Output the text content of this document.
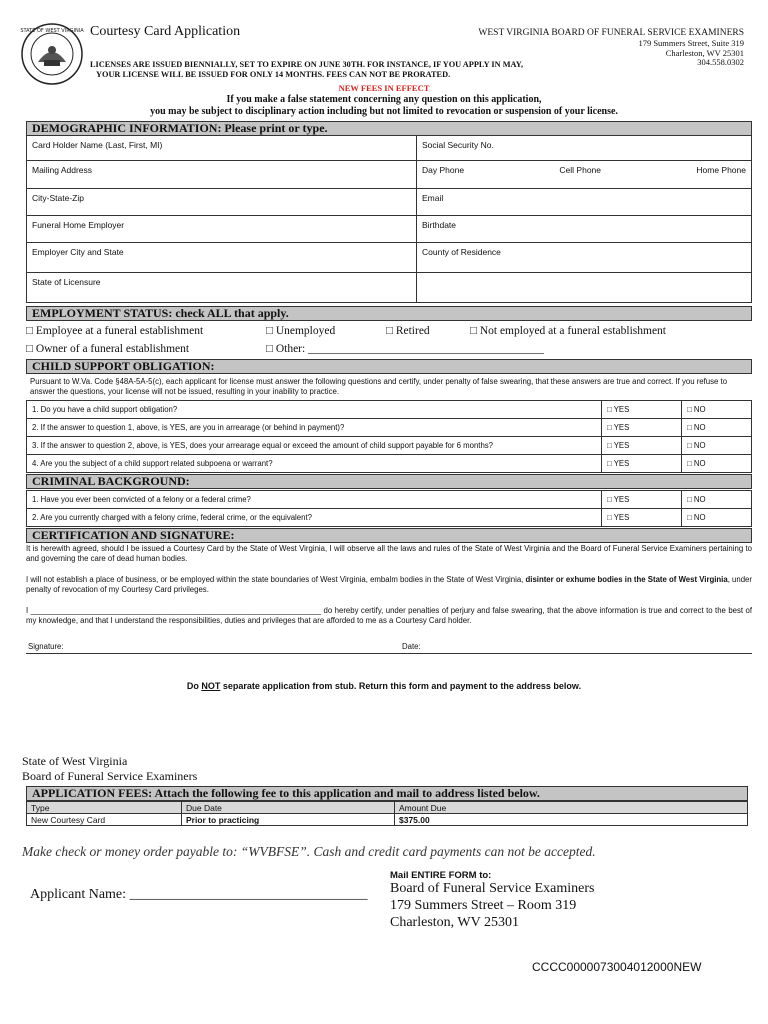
STATE OF WEST VIRGINIA Courtesy Card Application	WEST VIRGINIA BOARD OF FUNERAL SERVICE EXAMINERS
179 Summers Street, Suite 319
Charleston, WV 25301
304.558.0302
LICENSES ARE ISSUED BIENNIALLY, SET TO EXPIRE ON JUNE 30TH. FOR INSTANCE, IF YOU APPLY IN MAY,
YOUR LICENSE WILL BE ISSUED FOR ONLY 14 MONTHS. FEES CAN NOT BE PRORATED.
NEW FEES IN EFFECT
If you make a false statement concerning any question on this application,
you may be subject to disciplinary action including but not limited to revocation or suspension of your license.
DEMOGRAPHIC INFORMATION: Please print or type.
Card Holder Name (Last, First, MI)	Social Security No.
Mailing Address	Day Phone	Cell Phone	Home Phone
City-State-Zip	Email
Funeral Home Employer	Birthdate
Employer City and State	County of Residence
State of Licensure
EMPLOYMENT STATUS: check ALL that apply.
□ Employee at a funeral establishment	□ Unemployed	□ Retired	□ Not employed at a funeral establishment
□ Owner of a funeral establishment	□ Other: _________________________________________
CHILD SUPPORT OBLIGATION:
Pursuant to W.Va. Code §48A-5A-5(c), each applicant for license must answer the following questions and certify, under penalty of false swearing, that these answers are true and correct. If you refuse to answer the questions, your license will not be issued, resulting in your inability to practice.
1. Do you have a child support obligation?	□ YES	□ NO
2. If the answer to question 1, above, is YES, are you in arrearage (or behind in payment)?	□ YES	□ NO
3. If the answer to question 2, above, is YES, does your arrearage equal or exceed the amount of child support payable for 6 months?	□ YES	□ NO
4. Are you the subject of a child support related subpoena or warrant?	□ YES	□ NO
CRIMINAL BACKGROUND:
1. Have you ever been convicted of a felony or a federal crime?	□ YES	□ NO
2. Are you currently charged with a felony crime, federal crime, or the equivalent?	□ YES	□ NO
CERTIFICATION AND SIGNATURE:
It is herewith agreed, should I be issued a Courtesy Card by the State of West Virginia, I will observe all the laws and rules of the State of West Virginia and the Board of Funeral Service Examiners pertaining to and governing the care of dead human bodies.
I will not establish a place of business, or be employed within the state boundaries of West Virginia, embalm bodies in the State of West Virginia, disinter or exhume bodies in the State of West Virginia, under penalty of revocation of my Courtesy Card privileges.
I ___________________________________________________________________ do hereby certify, under penalties of perjury and false swearing, that the above information is true and correct to the best of my knowledge, and that I understand the responsibilities, duties and privileges that are afforded to me as a Courtesy Card holder.
Signature:	Date:
Do NOT separate application from stub. Return this form and payment to the address below.
State of West Virginia
Board of Funeral Service Examiners
APPLICATION FEES: Attach the following fee to this application and mail to address listed below.
Type	Due Date	Amount Due
New Courtesy Card	Prior to practicing	$375.00
Make check or money order payable to: “WVBFSE”. Cash and credit card payments can not be accepted.
Applicant Name: __________________________________
Mail ENTIRE FORM to:
Board of Funeral Service Examiners
179 Summers Street – Room 319
Charleston, WV 25301
CCCC0000073004012000NEW
